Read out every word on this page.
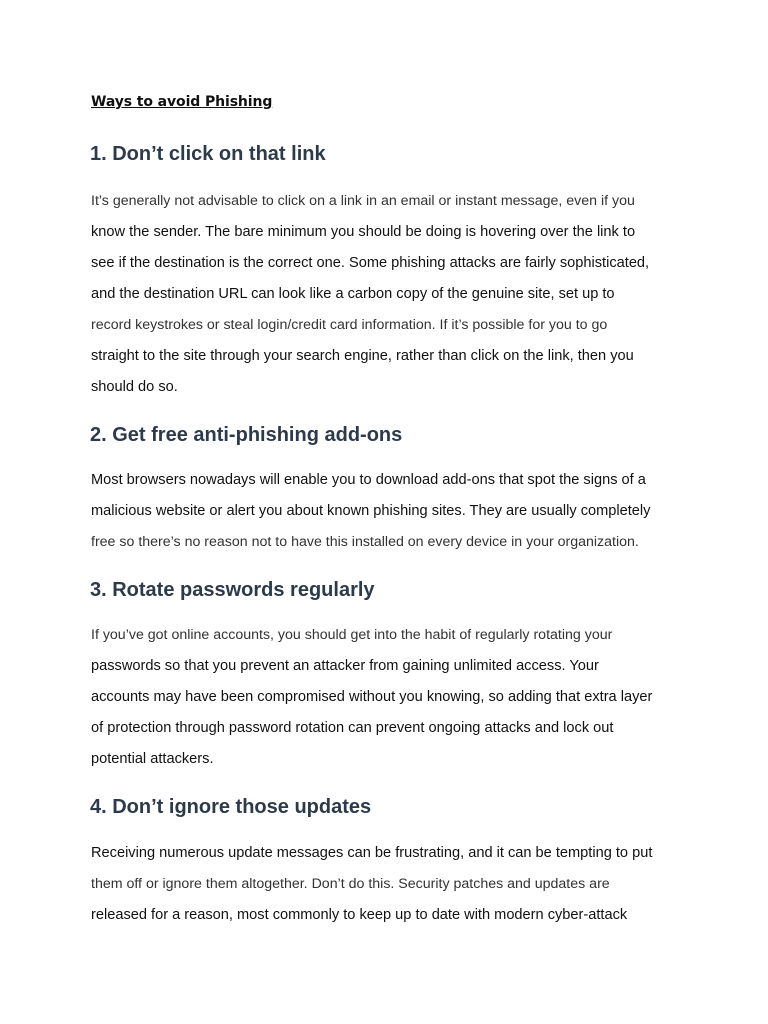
Ways to avoid Phishing
1. Don’t click on that link
It’s generally not advisable to click on a link in an email or instant message, even if you
know the sender. The bare minimum you should be doing is hovering over the link to
see if the destination is the correct one. Some phishing attacks are fairly sophisticated,
and the destination URL can look like a carbon copy of the genuine site, set up to
record keystrokes or steal login/credit card information. If it’s possible for you to go
straight to the site through your search engine, rather than click on the link, then you
should do so.
2. Get free anti-phishing add-ons
Most browsers nowadays will enable you to download add-ons that spot the signs of a
malicious website or alert you about known phishing sites. They are usually completely
free so there’s no reason not to have this installed on every device in your organization.
3. Rotate passwords regularly
If you’ve got online accounts, you should get into the habit of regularly rotating your
passwords so that you prevent an attacker from gaining unlimited access. Your
accounts may have been compromised without you knowing, so adding that extra layer
of protection through password rotation can prevent ongoing attacks and lock out
potential attackers.
4. Don’t ignore those updates
Receiving numerous update messages can be frustrating, and it can be tempting to put
them off or ignore them altogether. Don’t do this. Security patches and updates are
released for a reason, most commonly to keep up to date with modern cyber-attack
